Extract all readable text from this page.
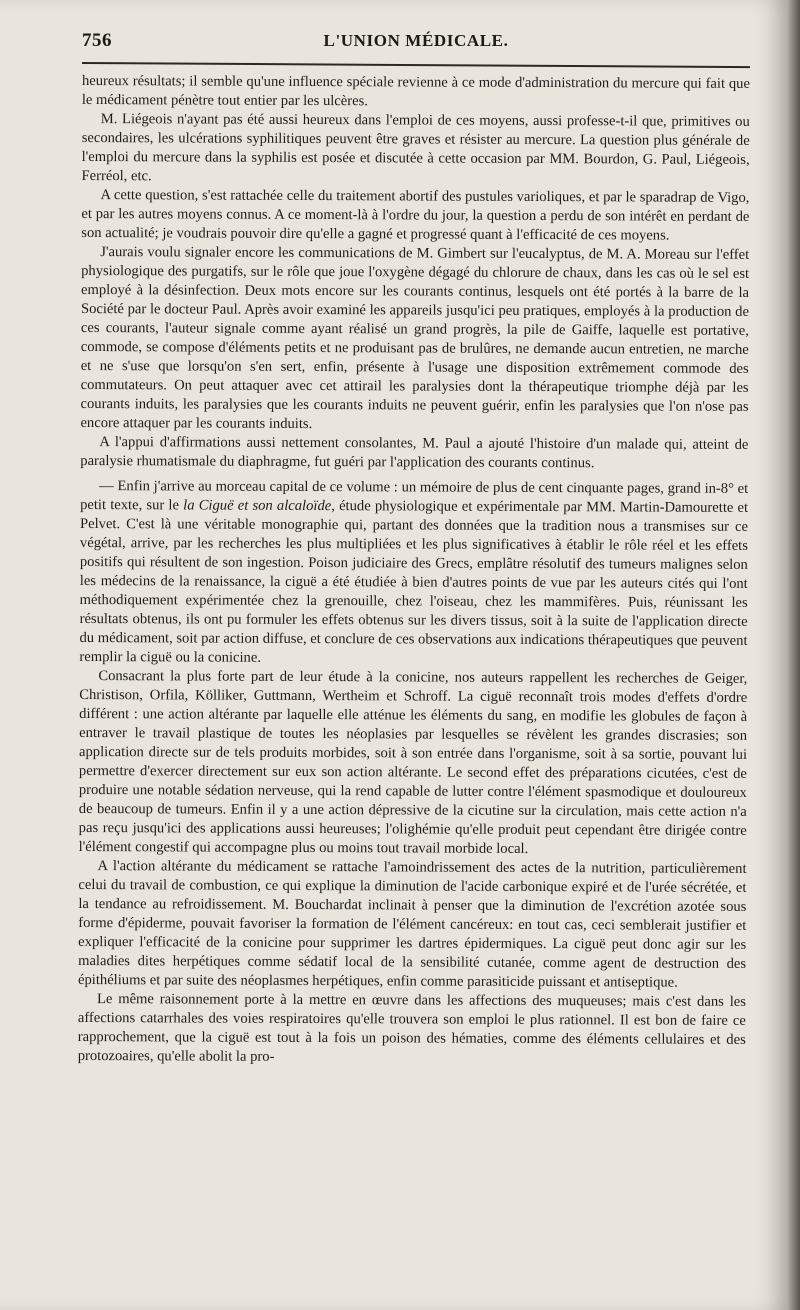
756	L'UNION MÉDICALE.

heureux résultats; il semble qu'une influence spéciale revienne à ce mode d'administration du mercure qui fait que le médicament pénètre tout entier par les ulcères.

M. Liégeois n'ayant pas été aussi heureux dans l'emploi de ces moyens, aussi professe-t-il que, primitives ou secondaires, les ulcérations syphilitiques peuvent être graves et résister au mercure. La question plus générale de l'emploi du mercure dans la syphilis est posée et discutée à cette occasion par MM. Bourdon, G. Paul, Liégeois, Ferréol, etc.

A cette question, s'est rattachée celle du traitement abortif des pustules varioliques, et par le sparadrap de Vigo, et par les autres moyens connus. A ce moment-là à l'ordre du jour, la question a perdu de son intérêt en perdant de son actualité; je voudrais pouvoir dire qu'elle a gagné et progressé quant à l'efficacité de ces moyens.

J'aurais voulu signaler encore les communications de M. Gimbert sur l'eucalyptus, de M. A. Moreau sur l'effet physiologique des purgatifs, sur le rôle que joue l'oxygène dégagé du chlorure de chaux, dans les cas où le sel est employé à la désinfection. Deux mots encore sur les courants continus, lesquels ont été portés à la barre de la Société par le docteur Paul. Après avoir examiné les appareils jusqu'ici peu pratiques, employés à la production de ces courants, l'auteur signale comme ayant réalisé un grand progrès, la pile de Gaiffe, laquelle est portative, commode, se compose d'éléments petits et ne produisant pas de brulûres, ne demande aucun entretien, ne marche et ne s'use que lorsqu'on s'en sert, enfin, présente à l'usage une disposition extrêmement commode des commutateurs. On peut attaquer avec cet attirail les paralysies dont la thérapeutique triomphe déjà par les courants induits, les paralysies que les courants induits ne peuvent guérir, enfin les paralysies que l'on n'ose pas encore attaquer par les courants induits.

A l'appui d'affirmations aussi nettement consolantes, M. Paul a ajouté l'histoire d'un malade qui, atteint de paralysie rhumatismale du diaphragme, fut guéri par l'application des courants continus.

— Enfin j'arrive au morceau capital de ce volume : un mémoire de plus de cent cinquante pages, grand in-8° et petit texte, sur le la Ciguë et son alcaloïde, étude physiologique et expérimentale par MM. Martin-Damourette et Pelvet. C'est là une véritable monographie qui, partant des données que la tradition nous a transmises sur ce végétal, arrive, par les recherches les plus multipliées et les plus significatives à établir le rôle réel et les effets positifs qui résultent de son ingestion. Poison judiciaire des Grecs, emplâtre résolutif des tumeurs malignes selon les médecins de la renaissance, la ciguë a été étudiée à bien d'autres points de vue par les auteurs cités qui l'ont méthodiquement expérimentée chez la grenouille, chez l'oiseau, chez les mammifères. Puis, réunissant les résultats obtenus, ils ont pu formuler les effets obtenus sur les divers tissus, soit à la suite de l'application directe du médicament, soit par action diffuse, et conclure de ces observations aux indications thérapeutiques que peuvent remplir la ciguë ou la conicine.

Consacrant la plus forte part de leur étude à la conicine, nos auteurs rappellent les recherches de Geiger, Christison, Orfila, Kölliker, Guttmann, Wertheim et Schroff. La ciguë reconnaît trois modes d'effets d'ordre différent : une action altérante par laquelle elle atténue les éléments du sang, en modifie les globules de façon à entraver le travail plastique de toutes les néoplasies par lesquelles se révèlent les grandes discrasies; son application directe sur de tels produits morbides, soit à son entrée dans l'organisme, soit à sa sortie, pouvant lui permettre d'exercer directement sur eux son action altérante. Le second effet des préparations cicutées, c'est de produire une notable sédation nerveuse, qui la rend capable de lutter contre l'élément spasmodique et douloureux de beaucoup de tumeurs. Enfin il y a une action dépressive de la cicutine sur la circulation, mais cette action n'a pas reçu jusqu'ici des applications aussi heureuses; l'olighémie qu'elle produit peut cependant être dirigée contre l'élément congestif qui accompagne plus ou moins tout travail morbide local.

A l'action altérante du médicament se rattache l'amoindrissement des actes de la nutrition, particulièrement celui du travail de combustion, ce qui explique la diminution de l'acide carbonique expiré et de l'urée sécrétée, et la tendance au refroidissement. M. Bouchardat inclinait à penser que la diminution de l'excrétion azotée sous forme d'épiderme, pouvait favoriser la formation de l'élément cancéreux: en tout cas, ceci semblerait justifier et expliquer l'efficacité de la conicine pour supprimer les dartres épidermiques. La ciguë peut donc agir sur les maladies dites herpétiques comme sédatif local de la sensibilité cutanée, comme agent de destruction des épithéliums et par suite des néoplasmes herpétiques, enfin comme parasiticide puissant et antiseptique.

Le même raisonnement porte à la mettre en œuvre dans les affections des muqueuses; mais c'est dans les affections catarrhales des voies respiratoires qu'elle trouvera son emploi le plus rationnel. Il est bon de faire ce rapprochement, que la ciguë est tout à la fois un poison des hématies, comme des éléments cellulaires et des protozoaires, qu'elle abolit la pro-
